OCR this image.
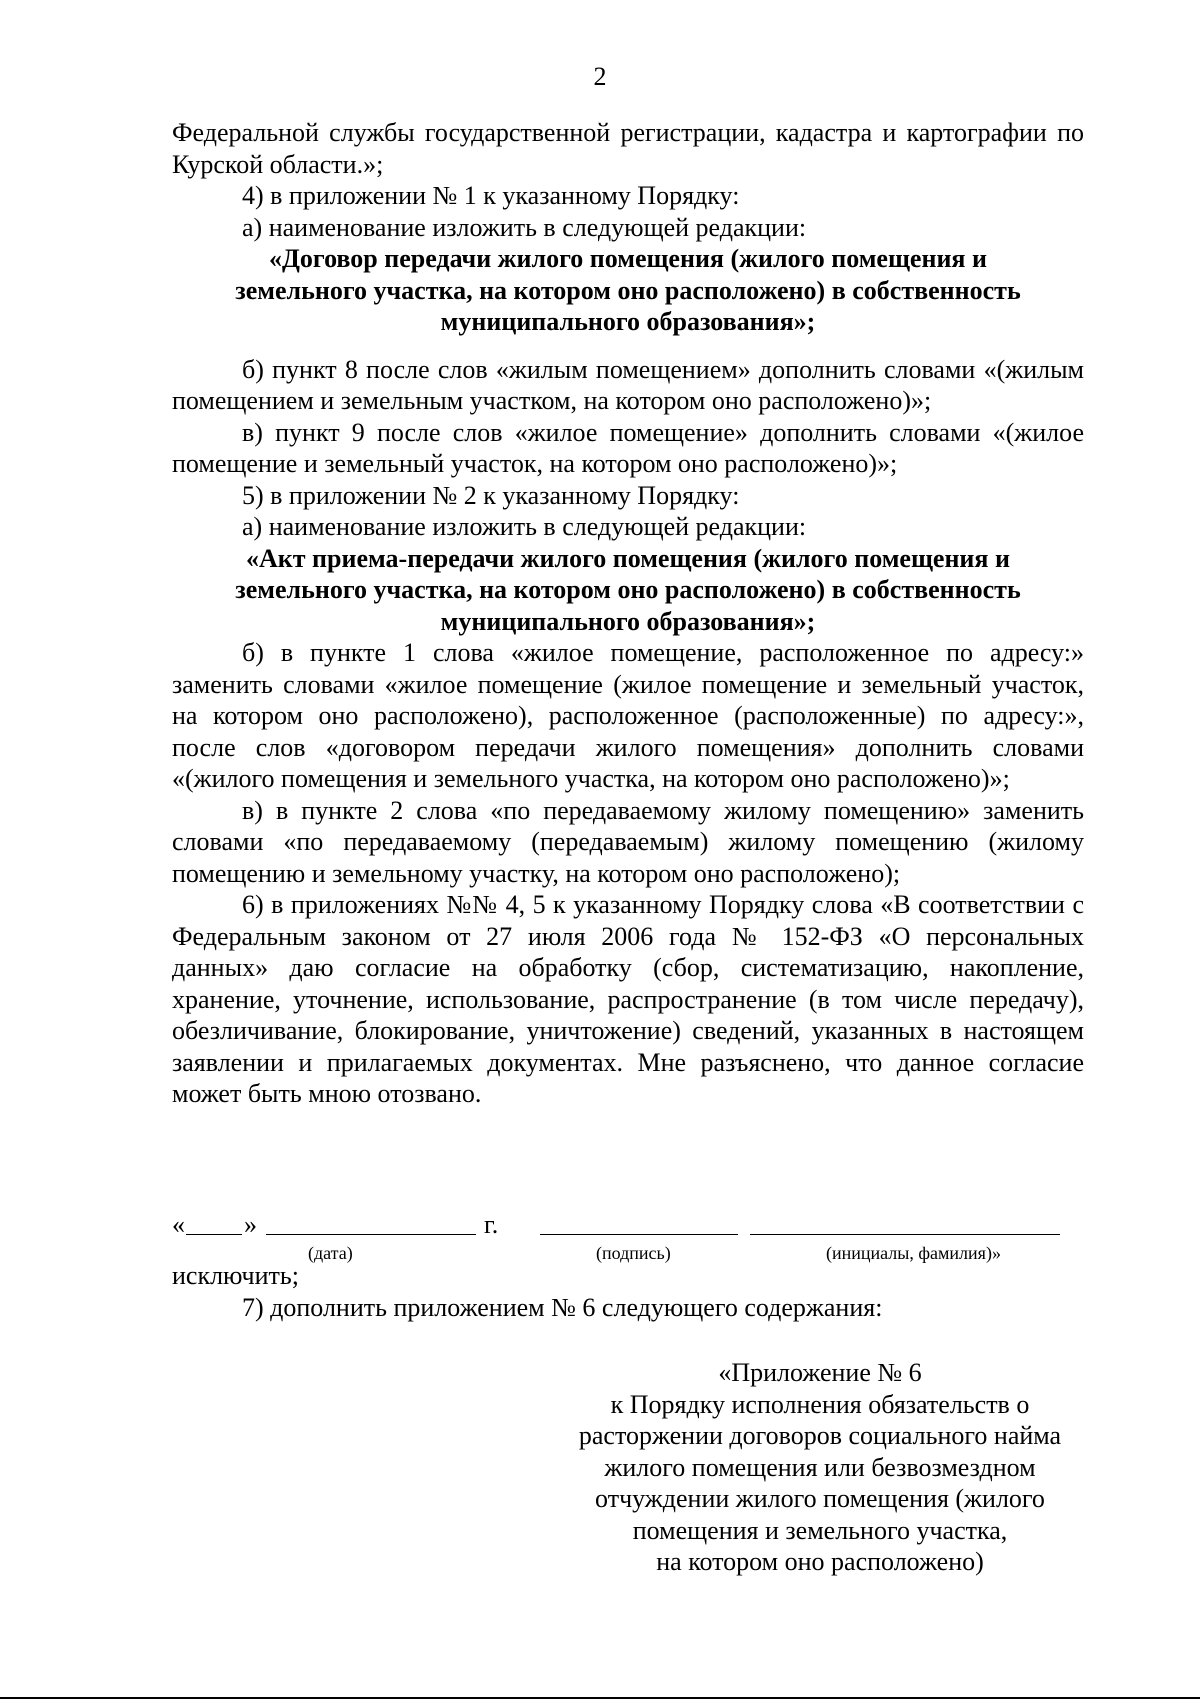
2

Федеральной службы государственной регистрации, кадастра и картографии по Курской области.»;

4) в приложении № 1 к указанному Порядку:

а) наименование изложить в следующей редакции:

«Договор передачи жилого помещения (жилого помещения и земельного участка, на котором оно расположено) в собственность муниципального образования»;

б) пункт 8 после слов «жилым помещением» дополнить словами «(жилым помещением и земельным участком, на котором оно расположено)»;

в) пункт 9 после слов «жилое помещение» дополнить словами «(жилое помещение и земельный участок, на котором оно расположено)»;

5) в приложении № 2 к указанному Порядку:

а) наименование изложить в следующей редакции:

«Акт приема-передачи жилого помещения (жилого помещения и земельного участка, на котором оно расположено) в собственность муниципального образования»;

б) в пункте 1 слова «жилое помещение, расположенное по адресу:» заменить словами «жилое помещение (жилое помещение и земельный участок, на котором оно расположено), расположенное (расположенные) по адресу:», после слов «договором передачи жилого помещения» дополнить словами «(жилого помещения и земельного участка, на котором оно расположено)»;

в) в пункте 2 слова «по передаваемому жилому помещению» заменить словами «по передаваемому (передаваемым) жилому помещению (жилому помещению и земельному участку, на котором оно расположено);

6) в приложениях №№ 4, 5 к указанному Порядку слова «В соответствии с Федеральным законом от 27 июля 2006 года № 152-ФЗ «О персональных данных» даю согласие на обработку (сбор, систематизацию, накопление, хранение, уточнение, использование, распространение (в том числе передачу), обезличивание, блокирование, уничтожение) сведений, указанных в настоящем заявлении и прилагаемых документах. Мне разъяснено, что данное согласие может быть мною отозвано.

« »	г.
(дата)	(подпись)	(инициалы, фамилия)»

исключить;

7) дополнить приложением № 6 следующего содержания:

«Приложение № 6

к Порядку исполнения обязательств о

расторжении договоров социального найма

жилого помещения или безвозмездном

отчуждении жилого помещения (жилого

помещения и земельного участка,

на котором оно расположено)
